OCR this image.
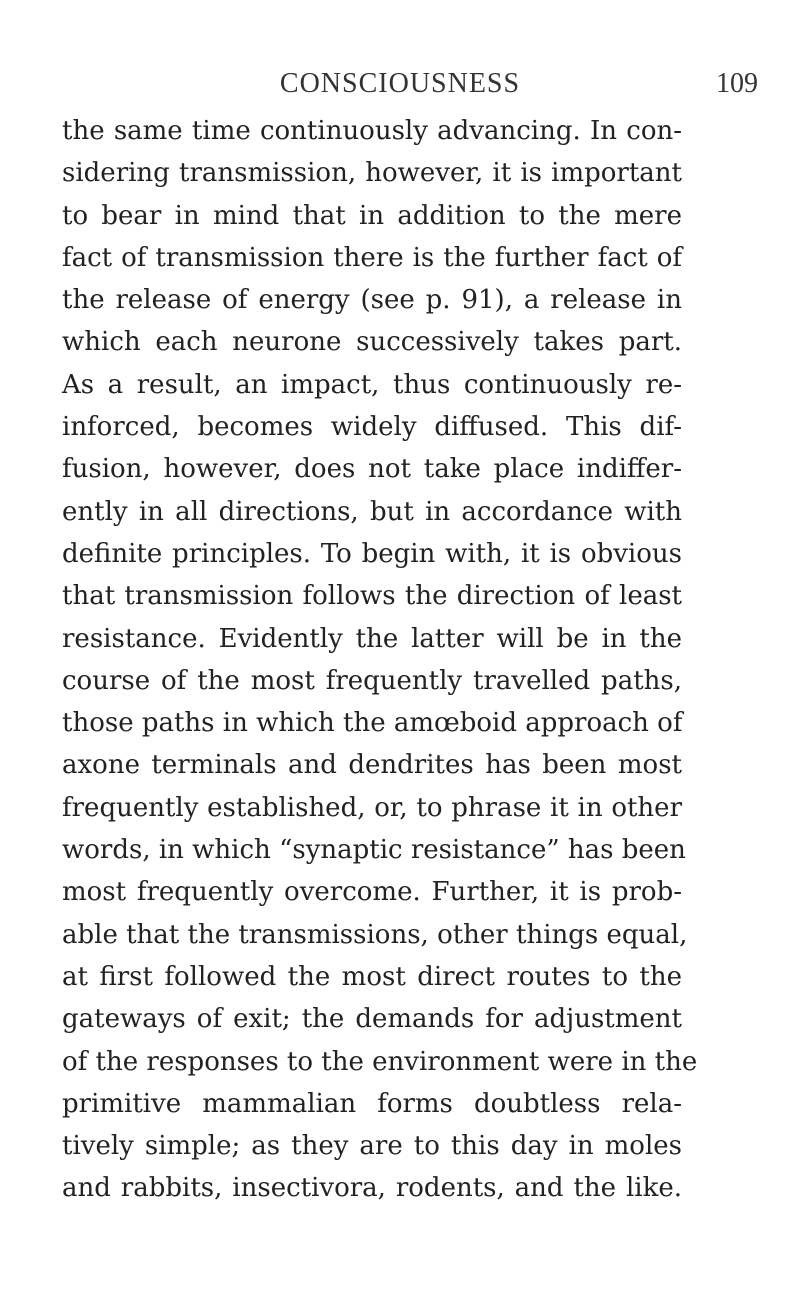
CONSCIOUSNESS	109
the same time continuously advancing. In con-
sidering transmission, however, it is important
to bear in mind that in addition to the mere
fact of transmission there is the further fact of
the release of energy (see p. 91), a release in
which each neurone successively takes part.
As a result, an impact, thus continuously re-
inforced, becomes widely diffused. This dif-
fusion, however, does not take place indiffer-
ently in all directions, but in accordance with
definite principles. To begin with, it is obvious
that transmission follows the direction of least
resistance. Evidently the latter will be in the
course of the most frequently travelled paths,
those paths in which the amœboid approach of
axone terminals and dendrites has been most
frequently established, or, to phrase it in other
words, in which “synaptic resistance” has been
most frequently overcome. Further, it is prob-
able that the transmissions, other things equal,
at first followed the most direct routes to the
gateways of exit; the demands for adjustment
of the responses to the environment were in the
primitive mammalian forms doubtless rela-
tively simple; as they are to this day in moles
and rabbits, insectivora, rodents, and the like.
